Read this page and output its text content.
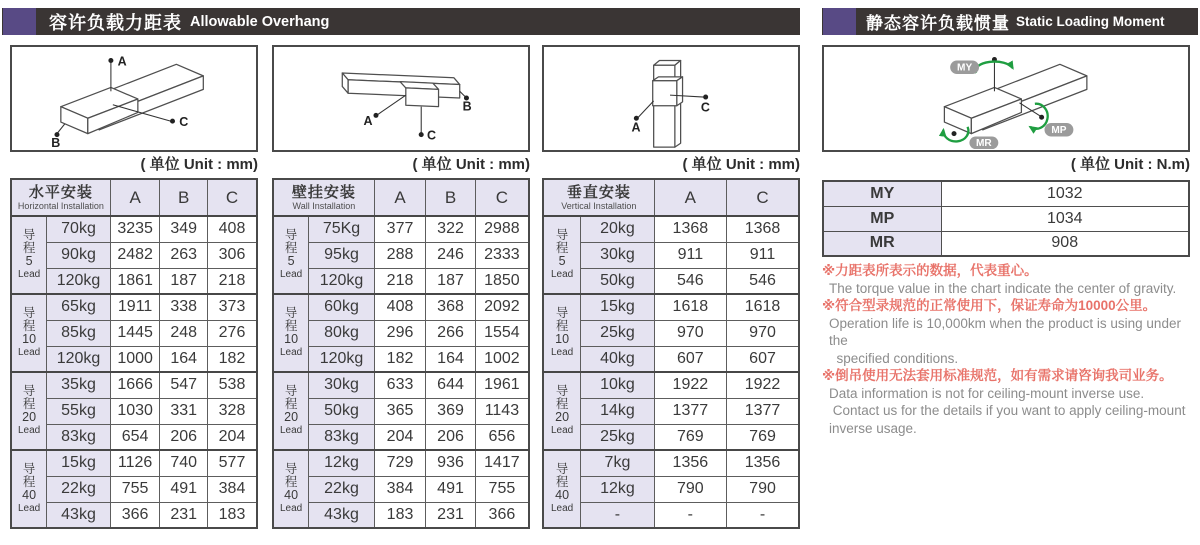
容许负载力距表 Allowable Overhang	静态容许负载惯量 Static Loading Moment
A
C
B
A
C
B
A
C
MY
MP
MR
( 单位 Unit : mm)	( 单位 Unit : mm)	( 单位 Unit : mm)	( 单位 Unit : N.m)
水平安装
Horizontal Installation		A	B	C

导
程
5
Lead	70kg	3235	349	408
	90kg	2482	263	306
	120kg	1861	187	218

导
程
10
Lead	65kg	1911	338	373
	85kg	1445	248	276
	120kg	1000	164	182

导
程
20
Lead	35kg	1666	547	538
	55kg	1030	331	328
	83kg	654	206	204

导
程
40
Lead	15kg	1126	740	577
	22kg	755	491	384
	43kg	366	231	183
壁挂安装
Wall Installation		A	B	C

导
程
5
Lead	75Kg	377	322	2988
	95kg	288	246	2333
	120kg	218	187	1850

导
程
10
Lead	60kg	408	368	2092
	80kg	296	266	1554
	120kg	182	164	1002

导
程
20
Lead	30kg	633	644	1961
	50kg	365	369	1143
	83kg	204	206	656

导
程
40
Lead	12kg	729	936	1417
	22kg	384	491	755
	43kg	183	231	366
垂直安装
Vertical Installation		A	C

导
程
5
Lead	20kg	1368	1368
	30kg	911	911
	50kg	546	546

导
程
10
Lead	15kg	1618	1618
	25kg	970	970
	40kg	607	607

导
程
20
Lead	10kg	1922	1922
	14kg	1377	1377
	25kg	769	769

导
程
40
Lead	7kg	1356	1356
	12kg	790	790
	-	-	-
MY	1032
MP	1034
MR	908
※力距表所表示的数据，代表重心。
The torque value in the chart indicate the center of gravity.
※符合型录规范的正常使用下，保证寿命为10000公里。
Operation life is 10,000km when the product is using under the
specified conditions.
※倒吊使用无法套用标准规范，如有需求请咨询我司业务。
Data information is not for ceiling-mount inverse use.
Contact us for the details if you want to apply ceiling-mount
inverse usage.
